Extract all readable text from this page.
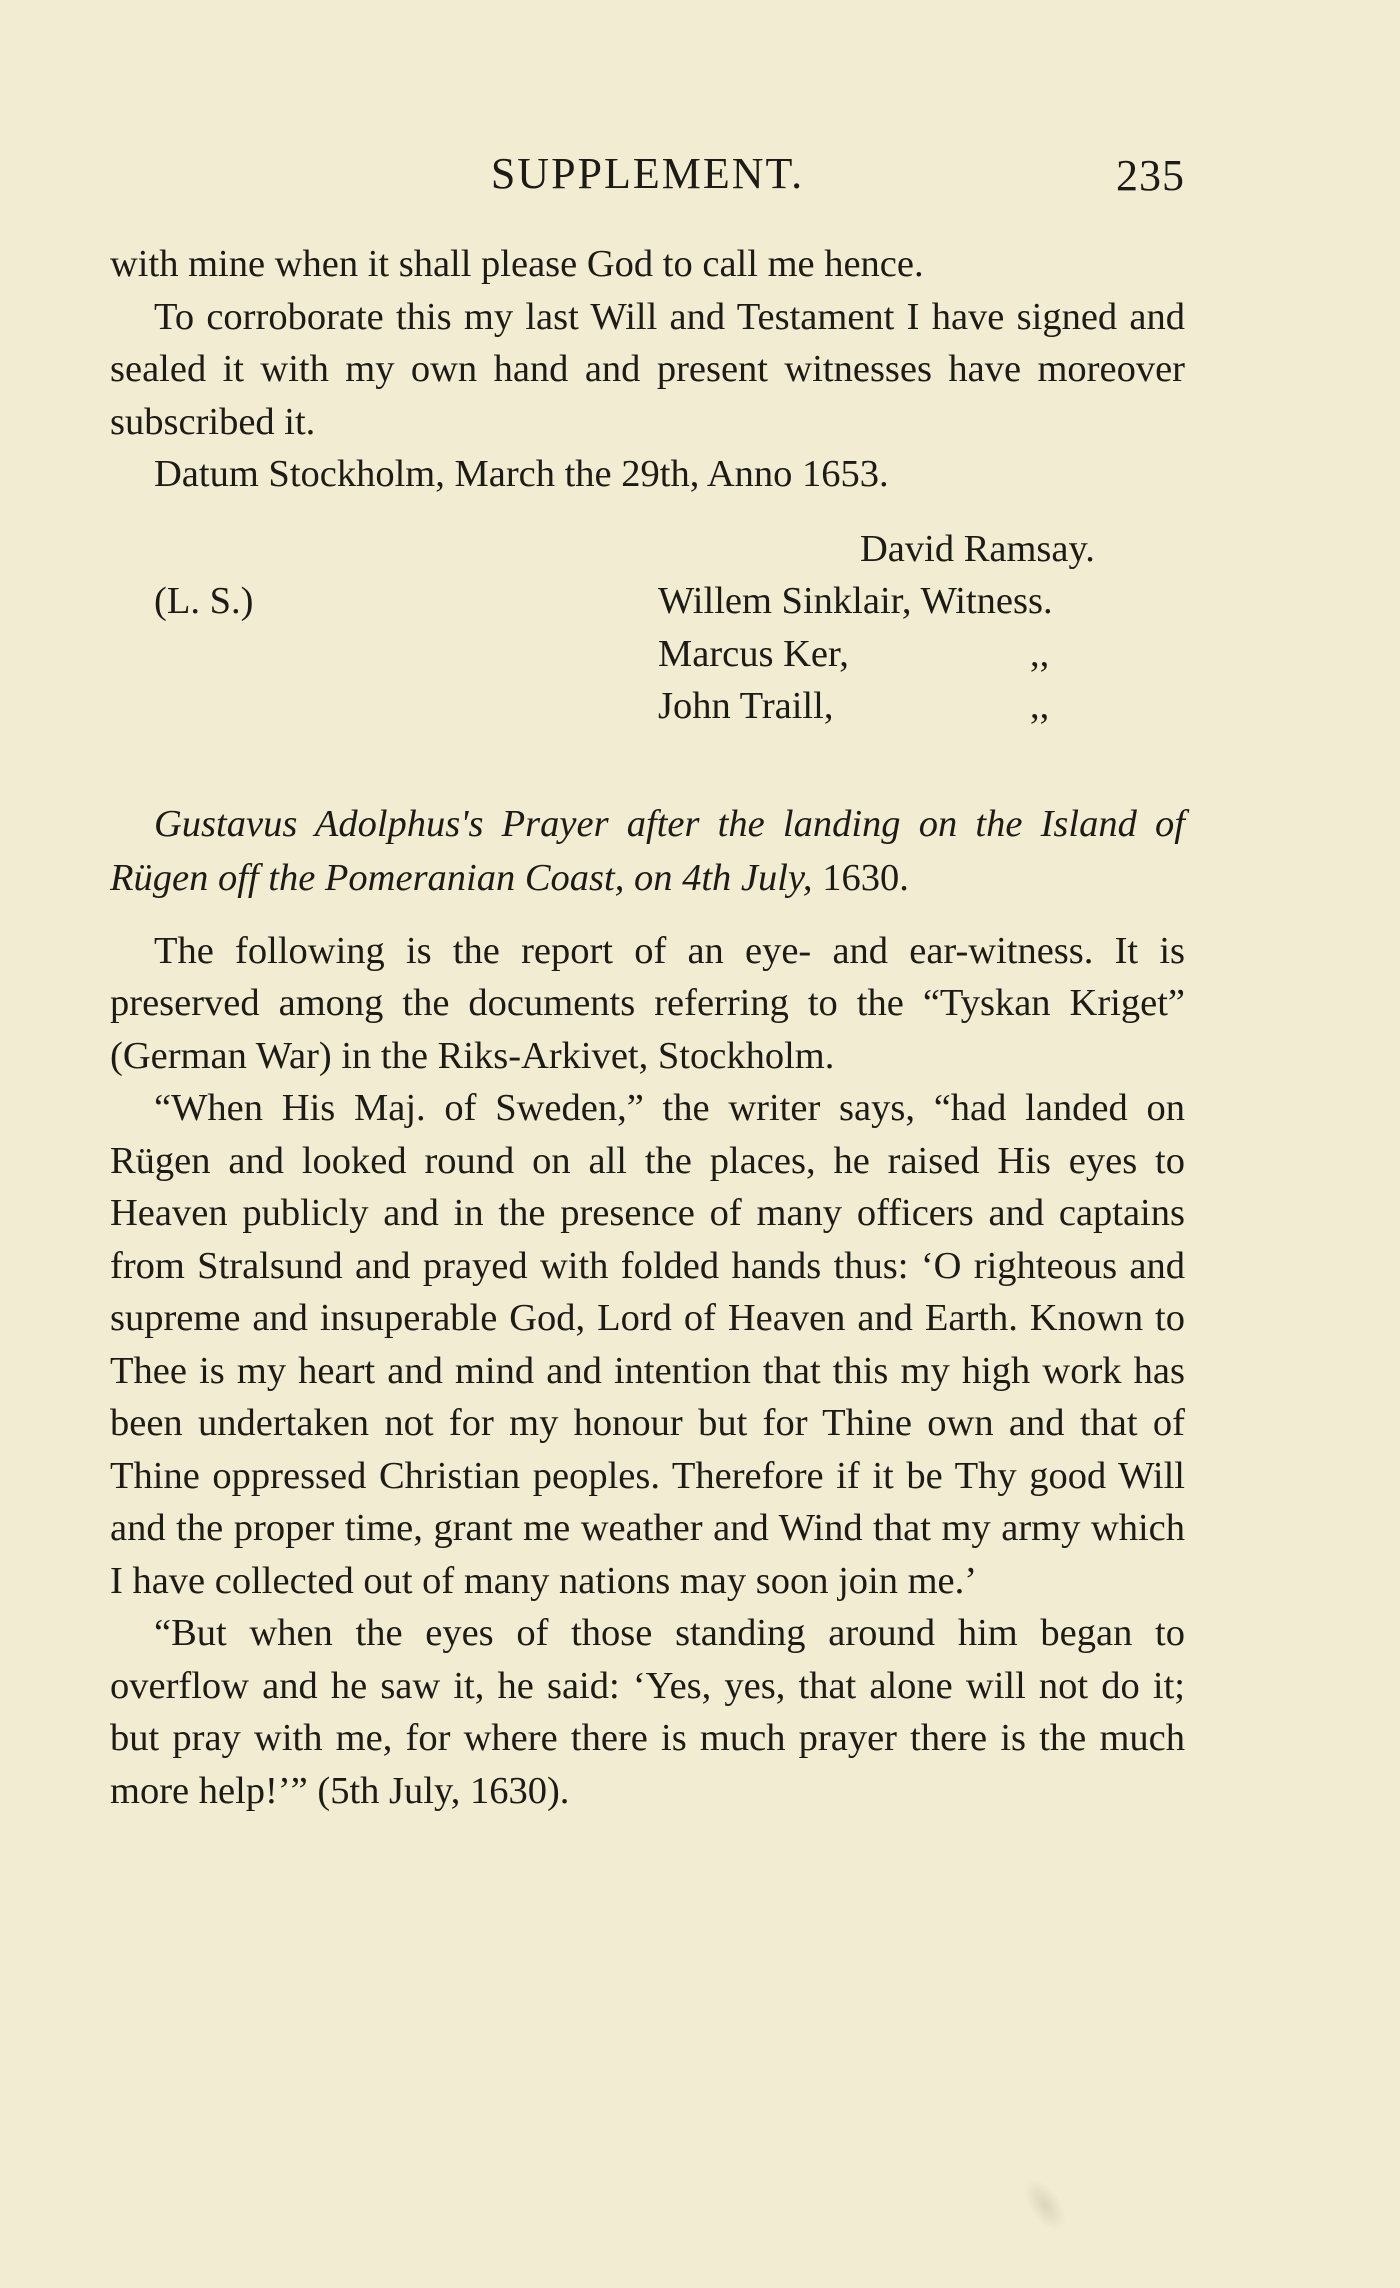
SUPPLEMENT.	235

with mine when it shall please God to call me hence.

To corroborate this my last Will and Testament I have signed and sealed it with my own hand and present witnesses have moreover subscribed it.

Datum Stockholm, March the 29th, Anno 1653.

David Ramsay.
(L. S.)	Willem Sinklair, Witness.
Marcus Ker,	,,
John Traill,	,,

Gustavus Adolphus's Prayer after the landing on the Island of Rügen off the Pomeranian Coast, on 4th July, 1630.

The following is the report of an eye- and ear-witness. It is preserved among the documents referring to the “Tyskan Kriget” (German War) in the Riks-Arkivet, Stockholm.

“When His Maj. of Sweden,” the writer says, “had landed on Rügen and looked round on all the places, he raised His eyes to Heaven publicly and in the presence of many officers and captains from Stralsund and prayed with folded hands thus: ‘O righteous and supreme and insuperable God, Lord of Heaven and Earth. Known to Thee is my heart and mind and intention that this my high work has been undertaken not for my honour but for Thine own and that of Thine oppressed Christian peoples. Therefore if it be Thy good Will and the proper time, grant me weather and Wind that my army which I have collected out of many nations may soon join me.’

“But when the eyes of those standing around him began to overflow and he saw it, he said: ‘Yes, yes, that alone will not do it; but pray with me, for where there is much prayer there is the much more help!’” (5th July, 1630).
